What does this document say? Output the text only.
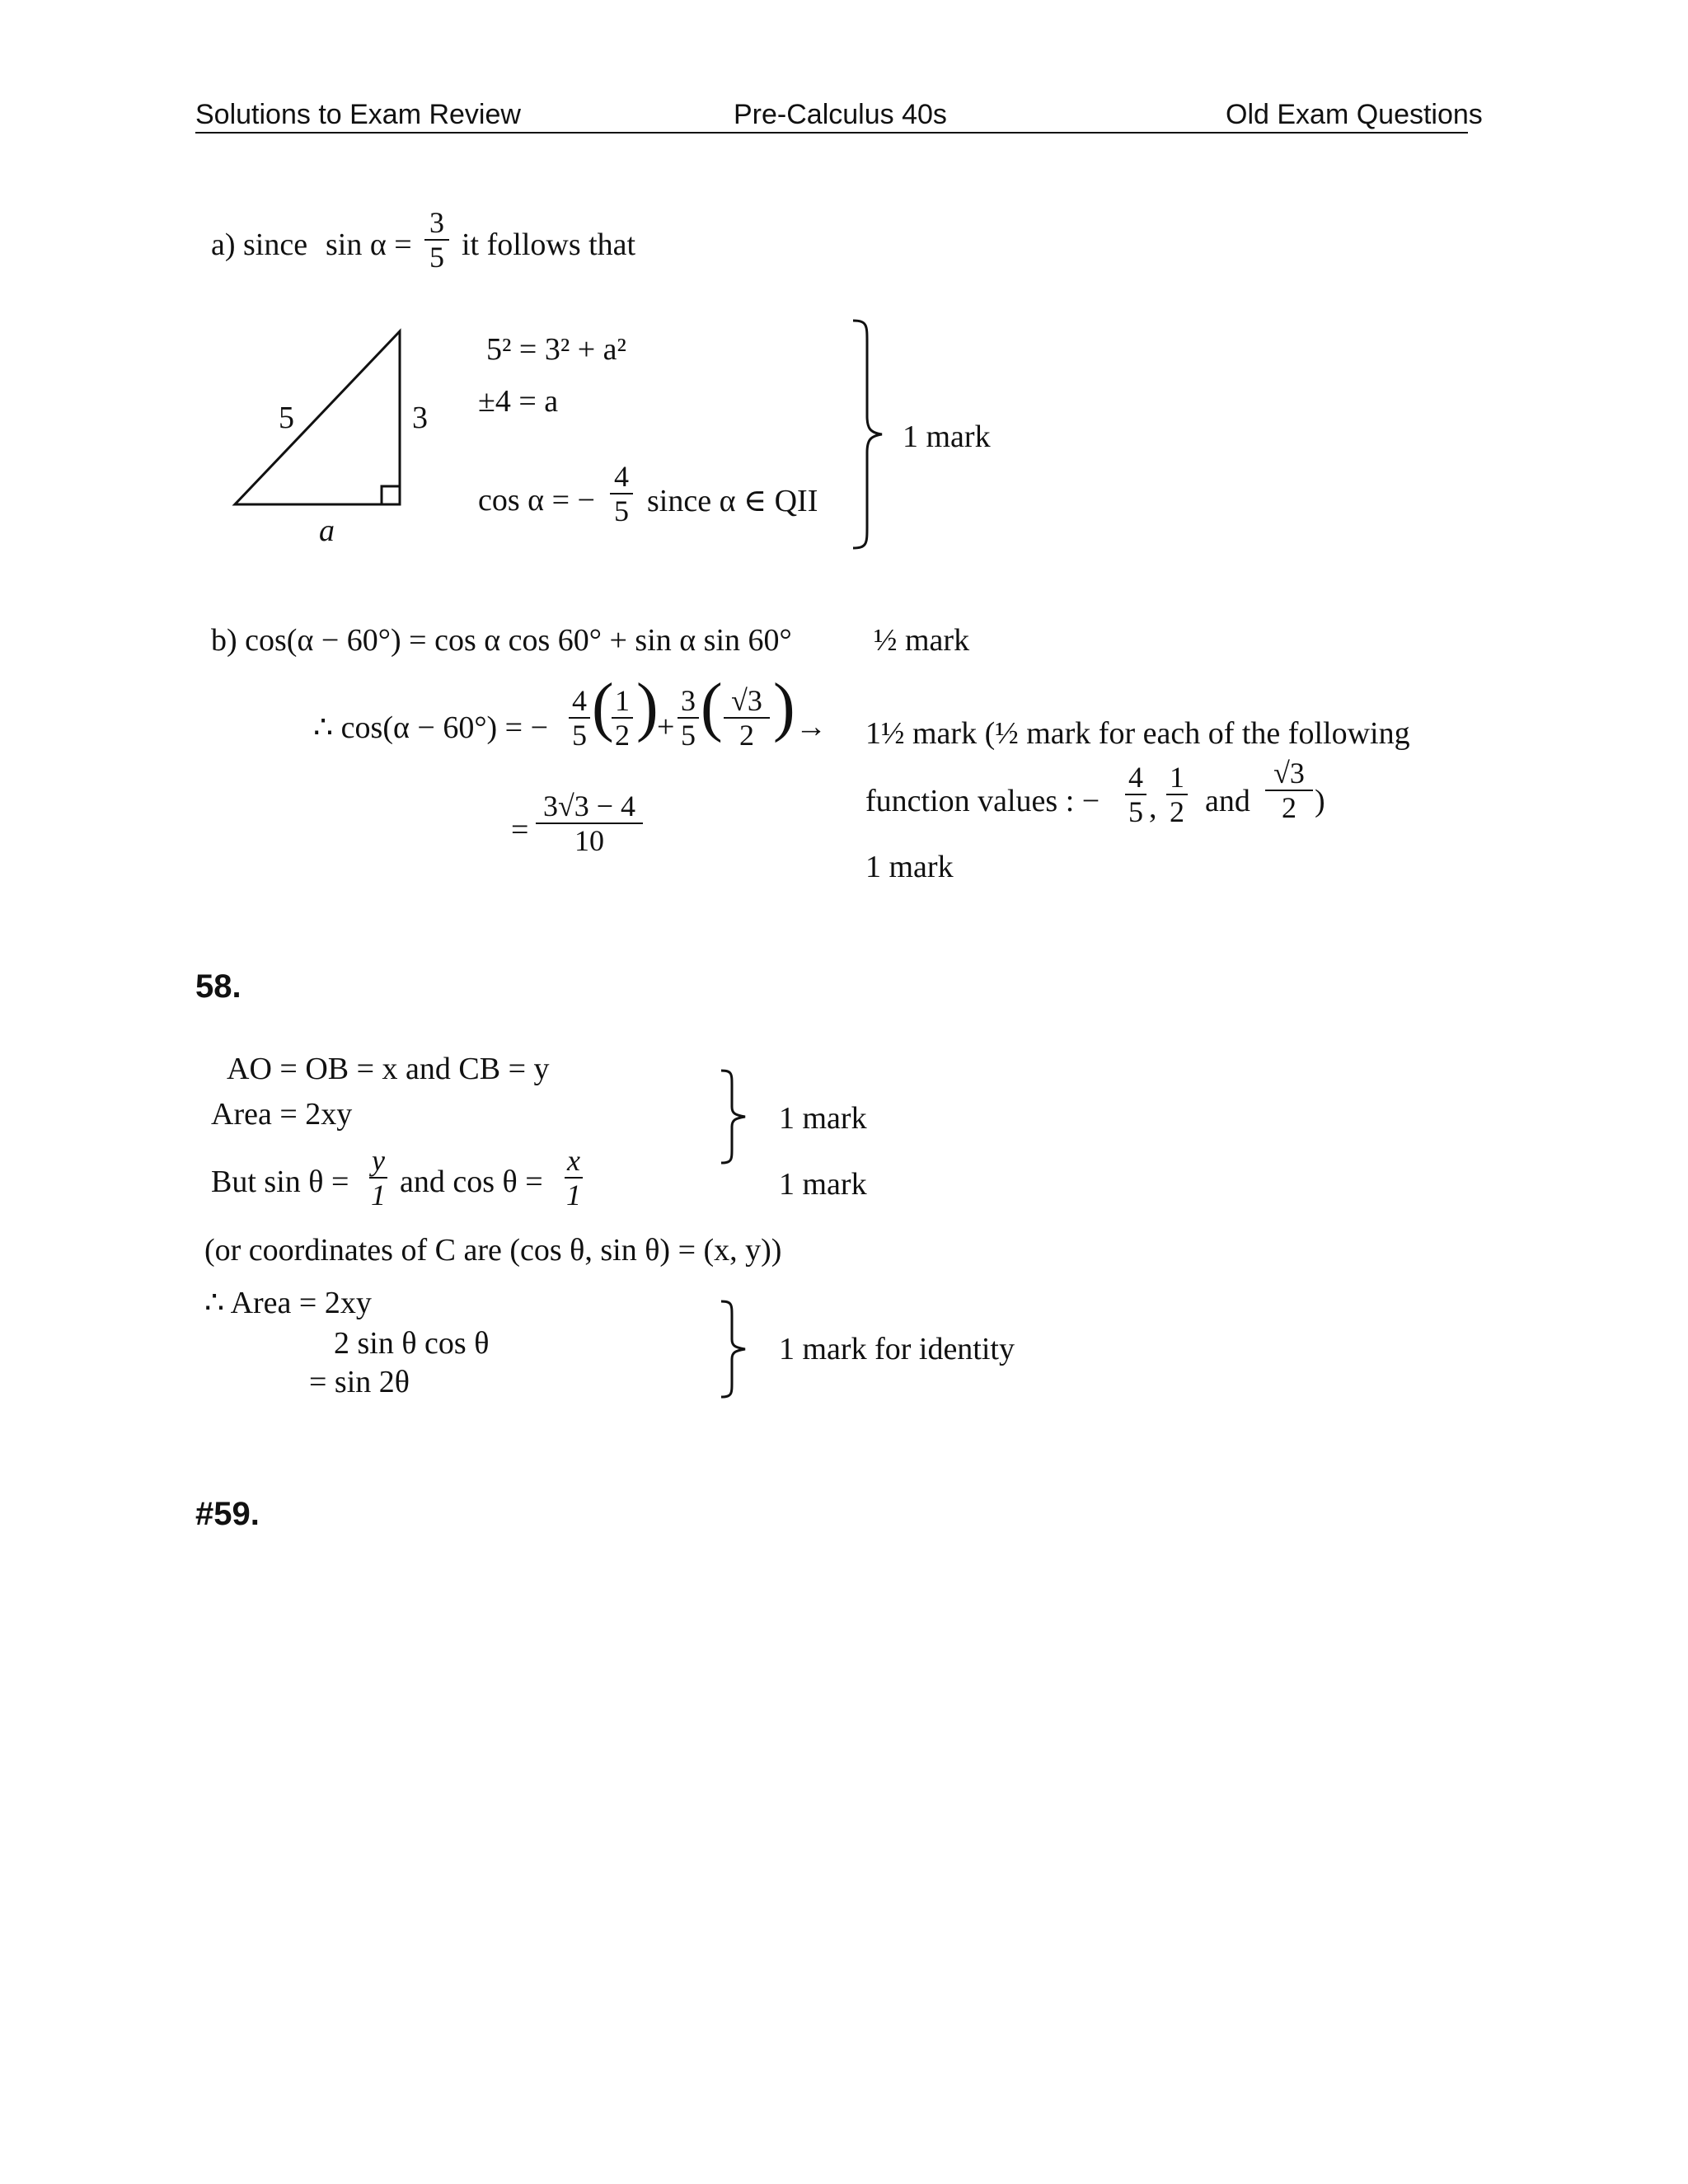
Solutions to Exam Review	Pre-Calculus 40s	Old Exam Questions
a) since sin α =
3
5 it follows that
5	3
a
5² = 3² + a²
±4 = a
cos α = −
4
5 since α ∈ QII
1 mark
b) cos(α − 60°) = cos α cos 60° + sin α sin 60°	½ mark
∴ cos(α − 60°) = −
4
5 ( 1
2 )
+
3
5 ( √3
2 ) → 1½ mark (½ mark for each of the following
function values : −
4
5 ,
1
2 and
√3
2 )
=
3√3 − 4
10
1 mark
58.
AO = OB = x and CB = y
Area = 2xy
But sin θ =
y
1 and cos θ =
x
1
1 mark
1 mark
(or coordinates of C are (cos θ, sin θ) = (x, y))
∴ Area = 2xy
2 sin θ cos θ
= sin 2θ
1 mark for identity
#59.
